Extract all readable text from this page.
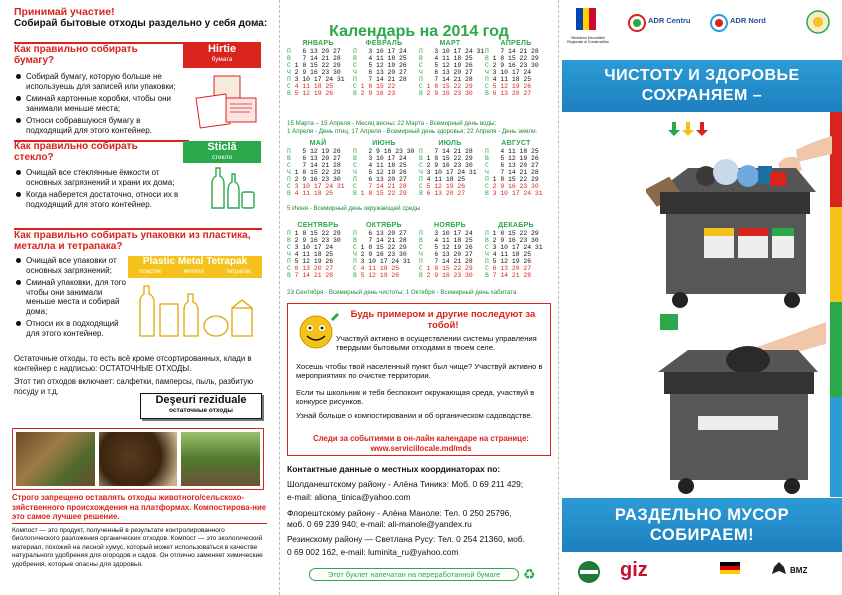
Принимай участие!
Собирай бытовые отходы раздельно у себя дома:
Как правильно собирать
бумагу?
Hirtie
бумага
Собирай бумагу, которую больше не используешь для записей или упаковки;
Сминай картонные коробки, чтобы они занимали меньше места;
Относи собравшуюся бумагу в подходящий для этого контейнер.
Как правильно собирать
стекло?
Sticlă
стекло
Очищай все стеклянные ёмкости от основных загрязнений и храни их дома;
Когда наберется достаточно, относи их в подходящий для этого контейнер.
Как правильно собирать упаковки из пластика,
металла и тетрапака?
Очищай все упаковки от основных загрязнений;
Сминай упаковки, для того чтобы они занимали меньше места и собирай дома;
Относи их в подходящий для этого контейнер.
Plastic Metal Tetrapak
пластик	металл	тетрапак
Остаточные отходы, то есть всё кроме отсортированных, клади в контейнер с надписью: ОСТАТОЧНЫЕ ОТХОДЫ.
Этот тип отходов включает: салфетки, памперсы, пыль, разбитую посуду и т.д.
Deşeuri reziduale
остаточные отходы
Строго запрещено оставлять отходы животного/сельскохо-зяйственного происхождения на платформах. Компостирова-ние это самое лучшее решение.
Компост — это продукт, полученный в результате контролированного биологического разложения органических отходов. Компост — это экологический материал, похожий на лесной хумус, который может использоваться в качестве натурального удобрения для огородов и садов. Он отлично заменяет химические удобрения, которые опасны для здоровья.
Календарь на 2014 год
ЯНВАРЬ
П   6 13 20 27
В   7 14 21 28
С 1 8 15 22 29
Ч 2 9 16 23 30
П 3 10 17 24 31
С 4 11 18 25
В 5 12 19 26
ФЕВРАЛЬ
П   3 10 17 24
В   4 11 18 25
С   5 12 19 26
Ч   6 13 20 27
П   7 14 21 28
С 1 8 15 22
В 2 9 16 23
МАРТ
П   3 10 17 24 31
В   4 11 18 25
С   5 12 19 26
Ч   6 13 20 27
П   7 14 21 28
С 1 8 15 22 29
В 2 9 16 23 30
АПРЕЛЬ
П   7 14 21 28
В 1 8 15 22 29
С 2 9 16 23 30
Ч 3 10 17 24
П 4 11 18 25
С 5 12 19 26
В 6 13 20 27
МАЙ
П   5 12 19 26
В   6 13 20 27
С   7 14 21 28
Ч 1 8 15 22 29
П 2 9 16 23 30
С 3 10 17 24 31
В 4 11 18 25
ИЮНЬ
П   2 9 16 23 30
В   3 10 17 24
С   4 11 18 25
Ч   5 12 19 26
П   6 13 20 27
С   7 14 21 28
В 1 8 15 22 29
ИЮЛЬ
П   7 14 21 28
В 1 8 15 22 29
С 2 9 16 23 30
Ч 3 10 17 24 31
П 4 11 18 25
С 5 12 19 26
В 6 13 20 27
АВГУСТ
П   4 11 18 25
В   5 12 19 26
С   6 13 20 27
Ч   7 14 21 28
П 1 8 15 22 29
С 2 9 16 23 30
В 3 10 17 24 31
СЕНТЯБРЬ
П 1 8 15 22 29
В 2 9 16 23 30
С 3 10 17 24
Ч 4 11 18 25
П 5 12 19 26
С 6 13 20 27
В 7 14 21 28
ОКТЯБРЬ
П   6 13 20 27
В   7 14 21 28
С 1 8 15 22 29
Ч 2 9 16 23 30
П 3 10 17 24 31
С 4 11 18 25
В 5 12 19 26
НОЯБРЬ
П   3 10 17 24
В   4 11 18 25
С   5 12 19 26
Ч   6 13 20 27
П   7 14 21 28
С 1 8 15 22 29
В 2 9 16 23 30
ДЕКАБРЬ
П 1 8 15 22 29
В 2 9 16 23 30
С 3 10 17 24 31
Ч 4 11 18 25
П 5 12 19 26
С 6 13 20 27
В 7 14 21 28
15 Марта – 15 Апреля - Месяц весны; 22 Марта - Всемирный день воды;
1 Апреля - День птиц; 17 Апреля - Всемирный день здоровья; 22 Апреля - День земли.
5 Июня - Всемирный день окружающей среды
23 Сентября - Всемирный день чистоты; 1 Октября - Всемирный день хабитата
Будь примером и другие последуют за тобой!
Участвуй активно в осуществлении системы управления твердыми бытовыми отходами в твоем селе.
Хосешь чтобы твой населенный пункт был чище? Участвуй активно в мероприятиях по очистке территории.
Если ты школьник и тебя беспокоит окружающая среда, участвуй в конкурсе рисунков.
Узнай больше о компостировании и об органическом садоводстве.
Следи за событиями в он-лайн календаре на странице: www.serviciilocale.md/mds
Контактные данные о местных координаторах по:
Шолданештскому району - Алёна Тиникэ: Моб. 0 69 211 429;
e-mail: aliona_tinica@yahoo.com
Флорештскому району - Алёна Манолe: Тел. 0 250 25796,
моб. 0 69 239 940; e-mail: ali-manole@yandex.ru
Резинскому району — Светлана Русу: Тел. 0 254 21360, моб.
0 69 002 162, e-mail: luminita_ru@yahoo.com
Этот буклет напечатан на переработанной бумаге	♻
Ministerul Dezvoltării Regionale și Construcțiilor
ADR Centru	ADR Nord
ЧИСТОТУ И ЗДОРОВЬЕ
СОХРАНЯЕМ –
РАЗДЕЛЬНО МУСОР
СОБИРАЕМ!
giz	BMZ
